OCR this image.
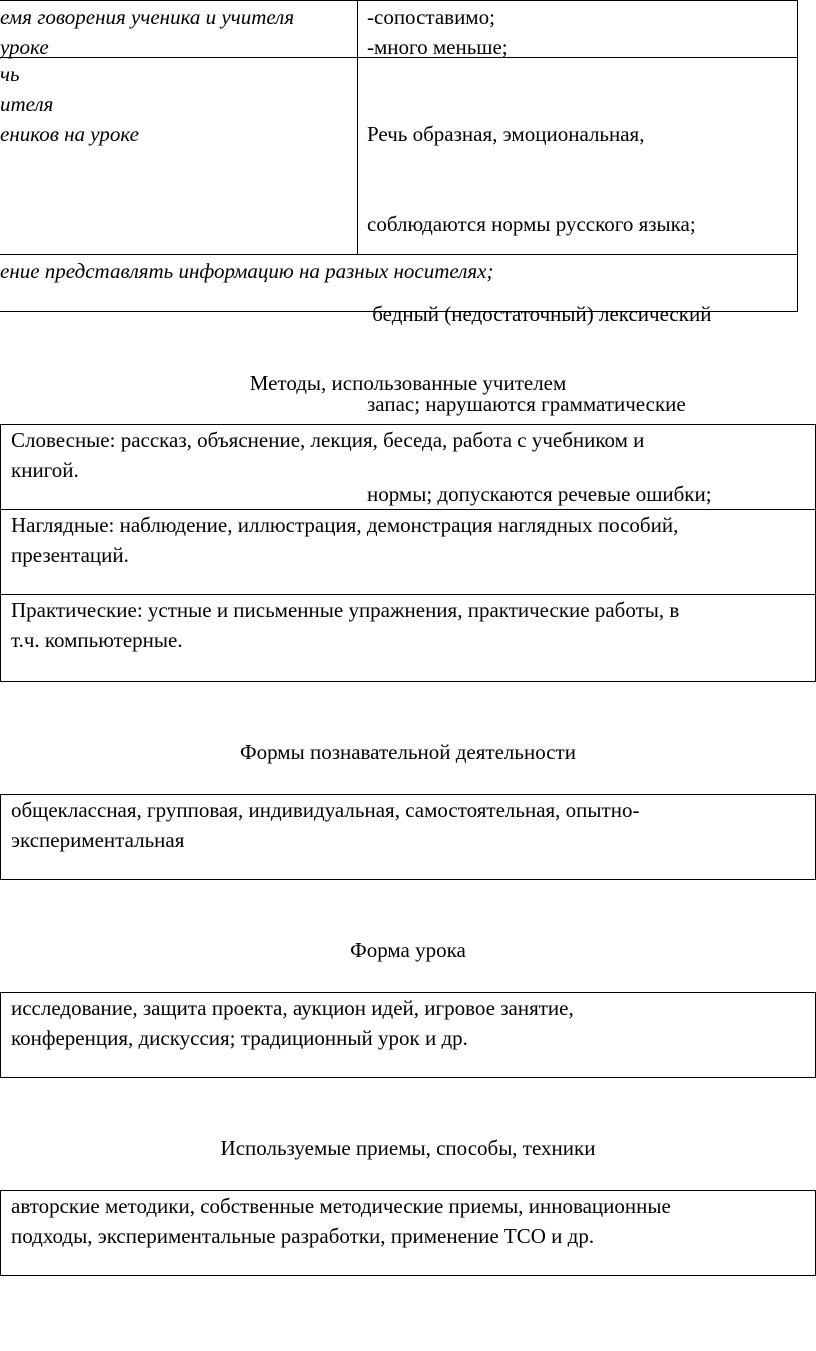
емя говорения ученика и учителя
уроке
-сопоставимо;
-много меньше;
чь
ителя
еников на уроке

	Речь образная, эмоциональная,

соблюдаются нормы русского языка;

бедный (недостаточный) лексический

запас; нарушаются грамматические

нормы; допускаются речевые ошибки;

ение представлять информацию на разных носителях;
Методы, использованные учителем
Словесные: рассказ, объяснение, лекция, беседа, работа с учебником и
книгой.
Наглядные: наблюдение, иллюстрация, демонстрация наглядных пособий,
презентаций.
Практические: устные и письменные упражнения, практические работы, в
т.ч. компьютерные.
Формы познавательной деятельности
общеклассная, групповая, индивидуальная, самостоятельная, опытно-
экспериментальная
Форма урока
исследование, защита проекта, аукцион идей, игровое занятие,
конференция, дискуссия; традиционный урок и др.
Используемые приемы, способы, техники
авторские методики, собственные методические приемы, инновационные
подходы, экспериментальные разработки, применение ТСО и др.
